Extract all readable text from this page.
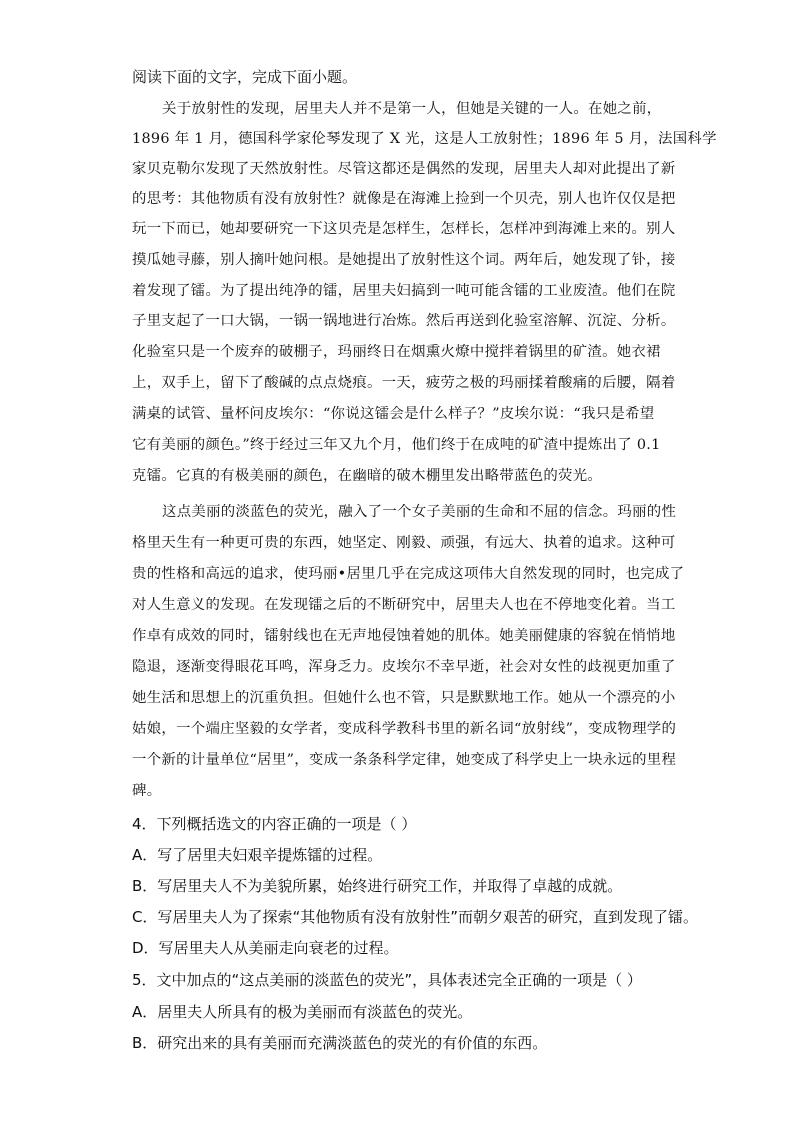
阅读下面的文字，完成下面小题。
关于放射性的发现，居里夫人并不是第一人，但她是关键的一人。在她之前，
1896 年 1 月，德国科学家伦琴发现了 X 光，这是人工放射性；1896 年 5 月，法国科学
家贝克勒尔发现了天然放射性。尽管这都还是偶然的发现，居里夫人却对此提出了新
的思考：其他物质有没有放射性？就像是在海滩上捡到一个贝壳，别人也许仅仅是把
玩一下而已，她却要研究一下这贝壳是怎样生，怎样长，怎样冲到海滩上来的。别人
摸瓜她寻藤，别人摘叶她问根。是她提出了放射性这个词。两年后，她发现了钋，接
着发现了镭。为了提出纯净的镭，居里夫妇搞到一吨可能含镭的工业废渣。他们在院
子里支起了一口大锅，一锅一锅地进行冶炼。然后再送到化验室溶解、沉淀、分析。
化验室只是一个废弃的破棚子，玛丽终日在烟熏火燎中搅拌着锅里的矿渣。她衣裙
上，双手上，留下了酸碱的点点烧痕。一天，疲劳之极的玛丽揉着酸痛的后腰，隔着
满桌的试管、量杯问皮埃尔：“你说这镭会是什么样子？”皮埃尔说：“我只是希望
它有美丽的颜色。”终于经过三年又九个月，他们终于在成吨的矿渣中提炼出了 0.1
克镭。它真的有极美丽的颜色，在幽暗的破木棚里发出略带蓝色的荧光。
这点美丽的淡蓝色的荧光，融入了一个女子美丽的生命和不屈的信念。玛丽的性
格里天生有一种更可贵的东西，她坚定、刚毅、顽强，有远大、执着的追求。这种可
贵的性格和高远的追求，使玛丽•居里几乎在完成这项伟大自然发现的同时，也完成了
对人生意义的发现。在发现镭之后的不断研究中，居里夫人也在不停地变化着。当工
作卓有成效的同时，镭射线也在无声地侵蚀着她的肌体。她美丽健康的容貌在悄悄地
隐退，逐渐变得眼花耳鸣，浑身乏力。皮埃尔不幸早逝，社会对女性的歧视更加重了
她生活和思想上的沉重负担。但她什么也不管，只是默默地工作。她从一个漂亮的小
姑娘，一个端庄坚毅的女学者，变成科学教科书里的新名词“放射线”，变成物理学的
一个新的计量单位“居里”，变成一条条科学定律，她变成了科学史上一块永远的里程
碑。
4．下列概括选文的内容正确的一项是（ ）
A．写了居里夫妇艰辛提炼镭的过程。
B．写居里夫人不为美貌所累，始终进行研究工作，并取得了卓越的成就。
C．写居里夫人为了探索“其他物质有没有放射性”而朝夕艰苦的研究，直到发现了镭。
D．写居里夫人从美丽走向衰老的过程。
5．文中加点的“这点美丽的淡蓝色的荧光”，具体表述完全正确的一项是（ ）
A．居里夫人所具有的极为美丽而有淡蓝色的荧光。
B．研究出来的具有美丽而充满淡蓝色的荧光的有价值的东西。
